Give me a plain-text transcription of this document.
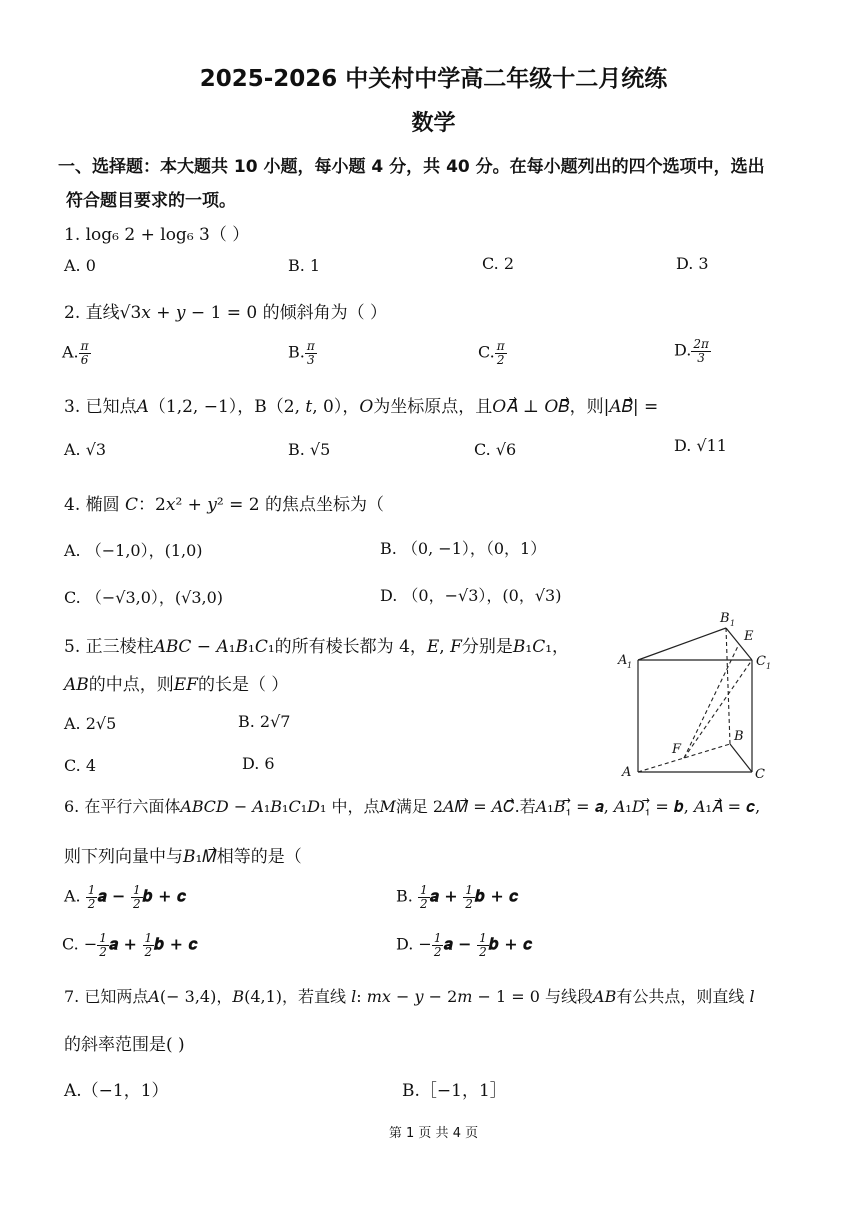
2025-2026 中关村中学高二年级十二月统练
数学
一、选择题：本大题共 10 小题，每小题 4 分，共 40 分。在每小题列出的四个选项中，选出
符合题目要求的一项。
1. log₆ 2 + log₆ 3（ ）
A. 0	B. 1	C. 2	D. 3
2. 直线√3𝑥 + 𝑦 − 1 = 0 的倾斜角为（ ）
A. $\frac{\pi}{6}$	B. $\frac{\pi}{3}$	C. $\frac{\pi}{2}$	D. $\frac{2\pi}{3}$
3. 已知点𝐴（1,2, −1），B（2, 𝑡, 0），𝑂为坐标原点，且𝑂𝐴⃗ ⊥ 𝑂𝐵⃗，则|𝐴𝐵⃗| =
A. √3	B. √5	C. √6	D. √11
4. 椭圆 𝐶：2𝑥² + 𝑦² = 2 的焦点坐标为（
A. （−1,0），(1,0)	B. （0, −1），（0，1）
C. （−√3,0），(√3,0)	D. （0，−√3），(0，√3)
5. 正三棱柱𝐴𝐵𝐶 − 𝐴₁𝐵₁𝐶₁的所有棱长都为 4，𝐸, 𝐹分别是𝐵₁𝐶₁，
𝐴𝐵的中点，则𝐸𝐹的长是（ ）
A. 2√5	B. 2√7
C. 4	D. 6
B 1
E
A 1	C 1
F
B
A	C
6. 在平行六面体𝐴𝐵𝐶𝐷 − 𝐴₁𝐵₁𝐶₁𝐷₁ 中，点𝑀满足 2𝐴𝑀⃗ = 𝐴𝐶⃗.若𝐴₁𝐵₁⃗ = 𝒂, 𝐴₁𝐷₁⃗ = 𝒃, 𝐴₁𝐴⃗ = 𝒄,
则下列向量中与𝐵₁𝑀⃗相等的是（
A. $\frac{1}{2}$ 𝒂 − $\frac{1}{2}$ 𝒃 + 𝒄	B. $\frac{1}{2}$ 𝒂 + $\frac{1}{2}$ 𝒃 + 𝒄
C. − $\frac{1}{2}$ 𝒂 + $\frac{1}{2}$ 𝒃 + 𝒄	D. − $\frac{1}{2}$ 𝒂 − $\frac{1}{2}$ 𝒃 + 𝒄
7. 已知两点𝐴(− 3,4)，𝐵(4,1)，若直线 𝑙: 𝑚𝑥 − 𝑦 − 2𝑚 − 1 = 0 与线段𝐴𝐵有公共点，则直线 𝑙
的斜率范围是( )
A.（−1，1）	B.［−1，1］
第 1 页 共 4 页
